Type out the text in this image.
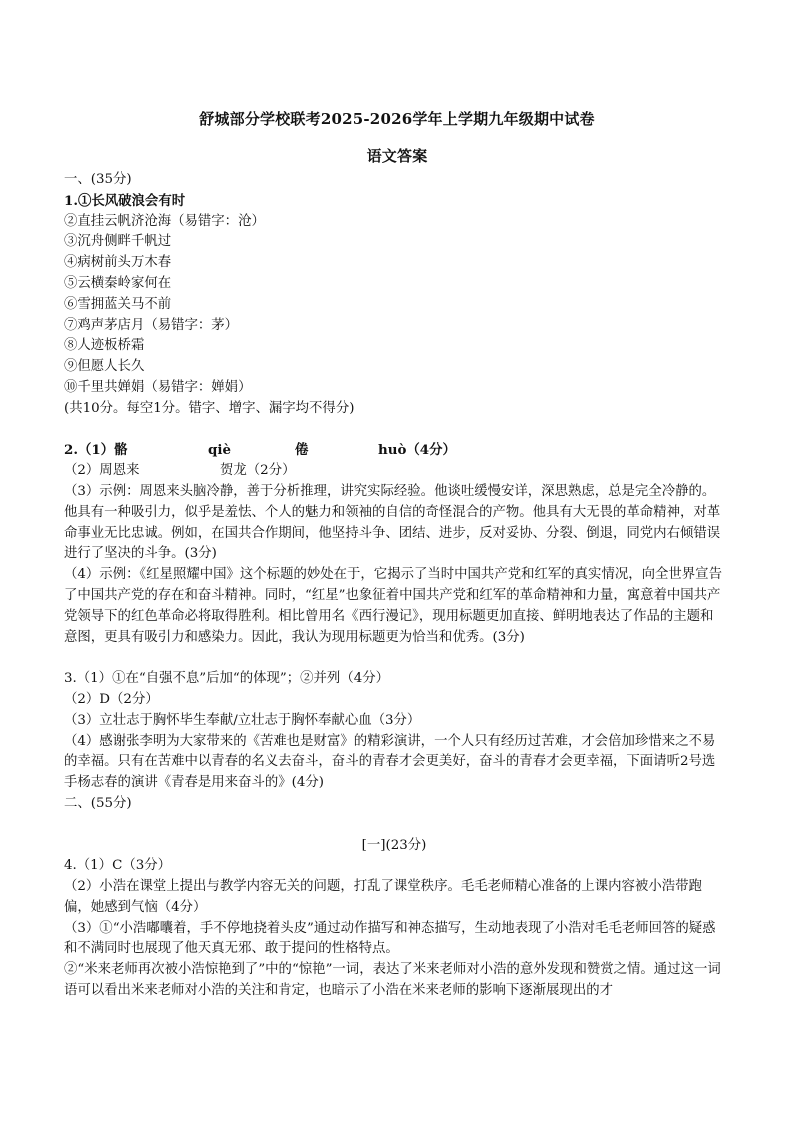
舒城部分学校联考2025-2026学年上学期九年级期中试卷
语文答案
一、(35分)
1.①长风破浪会有时
②直挂云帆济沧海（易错字：沧）
③沉舟侧畔千帆过
④病树前头万木春
⑤云横秦岭家何在
⑥雪拥蓝关马不前
⑦鸡声茅店月（易错字：茅）
⑧人迹板桥霜
⑨但愿人长久
⑩千里共婵娟（易错字：婵娟）
(共10分。每空1分。错字、增字、漏字均不得分)
2.（1）骼	qiè	倦	huò（4分）
（2）周恩来	贺龙（2分）
（3）示例：周恩来头脑冷静，善于分析推理，讲究实际经验。他谈吐缓慢安详，深思熟虑，总是完全冷静的。他具有一种吸引力，似乎是羞怯、个人的魅力和领袖的自信的奇怪混合的产物。他具有大无畏的革命精神，对革命事业无比忠诚。例如，在国共合作期间，他坚持斗争、团结、进步，反对妥协、分裂、倒退，同党内右倾错误进行了坚决的斗争。(3分)
（4）示例：《红星照耀中国》这个标题的妙处在于，它揭示了当时中国共产党和红军的真实情况，向全世界宣告了中国共产党的存在和奋斗精神。同时，“红星”也象征着中国共产党和红军的革命精神和力量，寓意着中国共产党领导下的红色革命必将取得胜利。相比曾用名《西行漫记》，现用标题更加直接、鲜明地表达了作品的主题和意图，更具有吸引力和感染力。因此，我认为现用标题更为恰当和优秀。(3分)
3.（1）①在“自强不息”后加“的体现”；②并列（4分）
（2）D（2分）
（3）立壮志于胸怀毕生奉献/立壮志于胸怀奉献心血（3分）
（4）感谢张李明为大家带来的《苦难也是财富》的精彩演讲，一个人只有经历过苦难，才会倍加珍惜来之不易的幸福。只有在苦难中以青春的名义去奋斗，奋斗的青春才会更美好，奋斗的青春才会更幸福，下面请听2号选手杨志春的演讲《青春是用来奋斗的》(4分)
二、(55分)
[一](23分)
4.（1）C（3分）
（2）小浩在课堂上提出与教学内容无关的问题，打乱了课堂秩序。毛毛老师精心准备的上课内容被小浩带跑偏，她感到气恼（4分）
（3）①“小浩嘟囔着，手不停地挠着头皮”通过动作描写和神态描写，生动地表现了小浩对毛毛老师回答的疑惑和不满同时也展现了他天真无邪、敢于提问的性格特点。
②“米来老师再次被小浩惊艳到了”中的“惊艳”一词，表达了米来老师对小浩的意外发现和赞赏之情。通过这一词语可以看出米来老师对小浩的关注和肯定，也暗示了小浩在米来老师的影响下逐渐展现出的才
